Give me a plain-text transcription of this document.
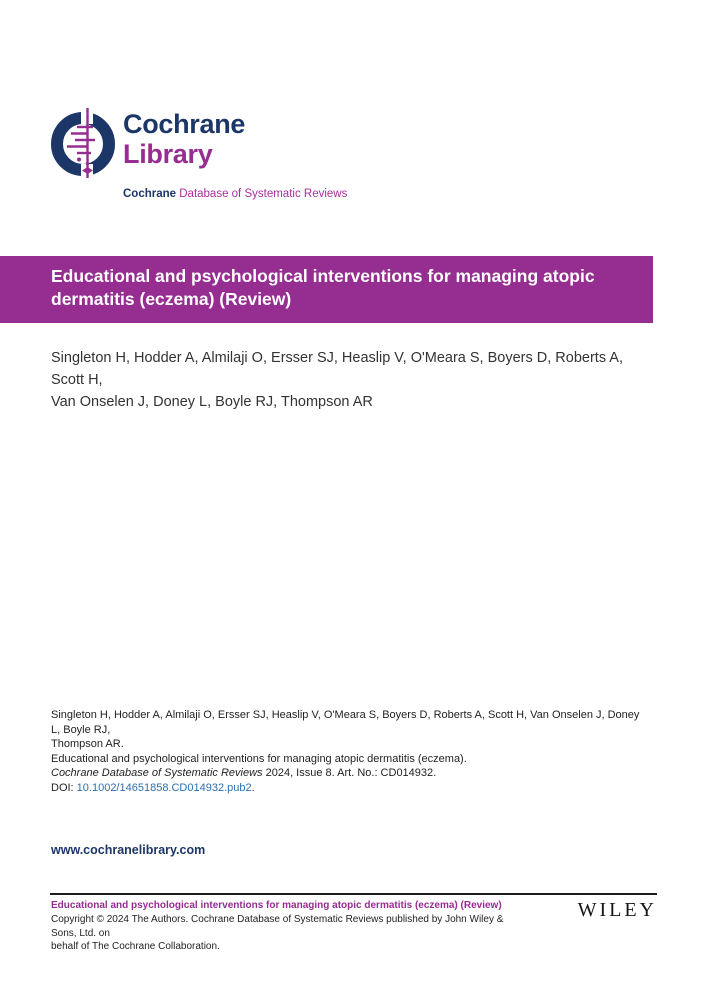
Cochrane
Library
Cochrane Database of Systematic Reviews
Educational and psychological interventions for managing atopic
dermatitis (eczema) (Review)
Singleton H, Hodder A, Almilaji O, Ersser SJ, Heaslip V, O'Meara S, Boyers D, Roberts A, Scott H,
Van Onselen J, Doney L, Boyle RJ, Thompson AR
Singleton H, Hodder A, Almilaji O, Ersser SJ, Heaslip V, O'Meara S, Boyers D, Roberts A, Scott H, Van Onselen J, Doney L, Boyle RJ,
Thompson AR.
Educational and psychological interventions for managing atopic dermatitis (eczema).
Cochrane Database of Systematic Reviews 2024, Issue 8. Art. No.: CD014932.
DOI: 10.1002/14651858.CD014932.pub2.
www.cochranelibrary.com
Educational and psychological interventions for managing atopic dermatitis (eczema) (Review)
Copyright © 2024 The Authors. Cochrane Database of Systematic Reviews published by John Wiley & Sons, Ltd. on
behalf of The Cochrane Collaboration.
WILEY
